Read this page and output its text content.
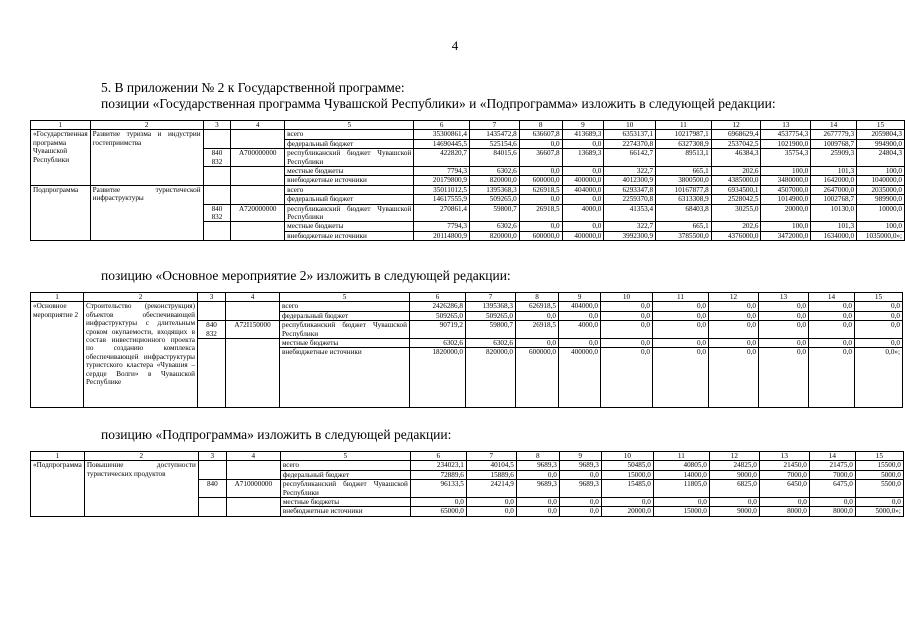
4
5. В приложении № 2 к Государственной программе:
позиции «Государственная программа Чувашской Республики» и «Подпрограмма» изложить в следующей редакции:
1	2	3	4	5	6	7	8	9	10	11	12	13	14	15
«Государственная программа Чувашской Республики	Развитие туризма и индустрии гостеприимства			всего	35300861,4	1435472,8	636607,8	413689,3	6353137,1	10217987,1	6968629,4	4537754,3	2677779,3	2059804,3
				федеральный бюджет	14690445,5	525154,6	0,0	0,0	2274370,8	6327308,9	2537042,5	1021900,0	1009768,7	994900,0
		840 832	А700000000	республиканский бюджет Чувашской Республики	422820,7	84015,6	36607,8	13689,3	66142,7	89513,1	46384,3	35754,3	25909,3	24804,3
				местные бюджеты	7794,3	6302,6	0,0	0,0	322,7	665,1	202,6	100,0	101,3	100,0
				внебюджетные источники	20179800,9	820000,0	600000,0	400000,0	4012300,9	3800500,0	4385000,0	3480000,0	1642000,0	1040000,0
Подпрограмма	Развитие туристической инфраструктуры			всего	35011012,5	1395368,3	626918,5	404000,0	6293347,8	10167877,8	6934500,1	4507000,0	2647000,0	2035000,0
				федеральный бюджет	14617555,9	509265,0	0,0	0,0	2259370,8	6313308,9	2528042,5	1014900,0	1002768,7	989900,0
		840 832	А720000000	республиканский бюджет Чувашской Республики	270861,4	59800,7	26918,5	4000,0	41353,4	68403,8	30255,0	20000,0	10130,0	10000,0
				местные бюджеты	7794,3	6302,6	0,0	0,0	322,7	665,1	202,6	100,0	101,3	100,0
				внебюджетные источники	20114800,9	820000,0	600000,0	400000,0	3992300,9	3785500,0	4376000,0	3472000,0	1634000,0	1035000,0»;
позицию «Основное мероприятие 2» изложить в следующей редакции:
1	2	3	4	5	6	7	8	9	10	11	12	13	14	15
«Основное мероприятие 2	Строительство (реконструкция) объектов обеспечивающей инфраструктуры с длительным сроком окупаемости, входящих в состав инвестиционного проекта по созданию комплекса обеспечивающей инфраструктуры туристского кластера «Чувашия – сердце Волги» в Чувашской Республике			всего	2426286,8	1395368,3	626918,5	404000,0	0,0	0,0	0,0	0,0	0,0	0,0
				федеральный бюджет	509265,0	509265,0	0,0	0,0	0,0	0,0	0,0	0,0	0,0	0,0
		840 832	А72I150000	республиканский бюджет Чувашской Республики	90719,2	59800,7	26918,5	4000,0	0,0	0,0	0,0	0,0	0,0	0,0
				местные бюджеты	6302,6	6302,6	0,0	0,0	0,0	0,0	0,0	0,0	0,0	0,0
				внебюджетные источники	1820000,0	820000,0	600000,0	400000,0	0,0	0,0	0,0	0,0	0,0	0,0»;
позицию «Подпрограмма» изложить в следующей редакции:
1	2	3	4	5	6	7	8	9	10	11	12	13	14	15
«Подпрограмма	Повышение доступности туристических продуктов			всего	234023,1	40104,5	9689,3	9689,3	50485,0	40805,0	24825,0	21450,0	21475,0	15500,0
				федеральный бюджет	72889,6	15889,6	0,0	0,0	15000,0	14000,0	9000,0	7000,0	7000,0	5000,0
		840	А710000000	республиканский бюджет Чувашской Республики	96133,5	24214,9	9689,3	9689,3	15485,0	11805,0	6825,0	6450,0	6475,0	5500,0
				местные бюджеты	0,0	0,0	0,0	0,0	0,0	0,0	0,0	0,0	0,0	0,0
				внебюджетные источники	65000,0	0,0	0,0	0,0	20000,0	15000,0	9000,0	8000,0	8000,0	5000,0»;
